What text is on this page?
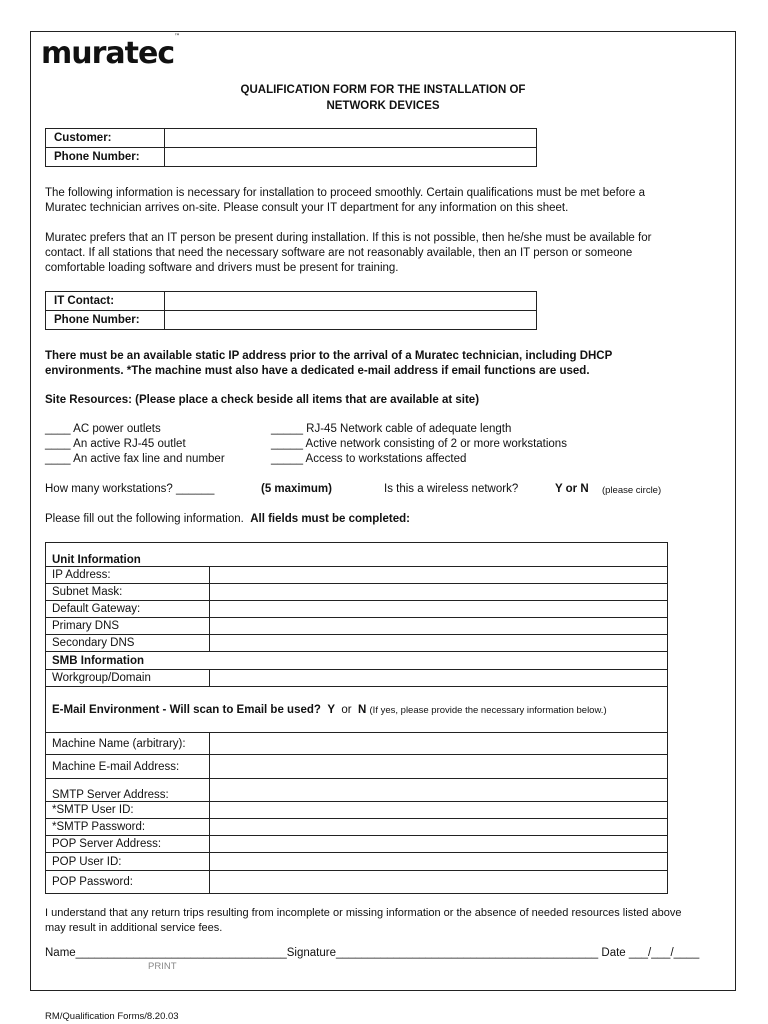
muratec™
QUALIFICATION FORM FOR THE INSTALLATION OF
NETWORK DEVICES
Customer:	
Phone Number:	

The following information is necessary for installation to proceed smoothly. Certain qualifications must be met before a
Muratec technician arrives on-site. Please consult your IT department for any information on this sheet.

Muratec prefers that an IT person be present during installation. If this is not possible, then he/she must be available for
contact. If all stations that need the necessary software are not reasonably available, then an IT person or someone
comfortable loading software and drivers must be present for training.

IT Contact:	
Phone Number:	

There must be an available static IP address prior to the arrival of a Muratec technician, including DHCP
environments. *The machine must also have a dedicated e-mail address if email functions are used.

Site Resources: (Please place a check beside all items that are available at site)
____ AC power outlets
____ An active RJ-45 outlet
____ An active fax line and number
_____ RJ-45 Network cable of adequate length
_____ Active network consisting of 2 or more workstations
_____ Access to workstations affected
How many workstations? ______	(5 maximum)	Is this a wireless network?	Y or N (please circle)
Please fill out the following information. All fields must be completed:
Unit Information	
IP Address:	
Subnet Mask:	
Default Gateway:	
Primary DNS	
Secondary DNS	
SMB Information	
Workgroup/Domain	
E-Mail Environment - Will scan to Email be used? Y or N (If yes, please provide the necessary information below.)	
Machine Name (arbitrary):	
Machine E-mail Address:	
SMTP Server Address:	
*SMTP User ID:	
*SMTP Password:	
POP Server Address:	
POP User ID:	
POP Password:	

I understand that any return trips resulting from incomplete or missing information or the absence of needed resources listed above
may result in additional service fees.

Name_________________________________Signature_________________________________________ Date ___/___/____
PRINT
RM/Qualification Forms/8.20.03
